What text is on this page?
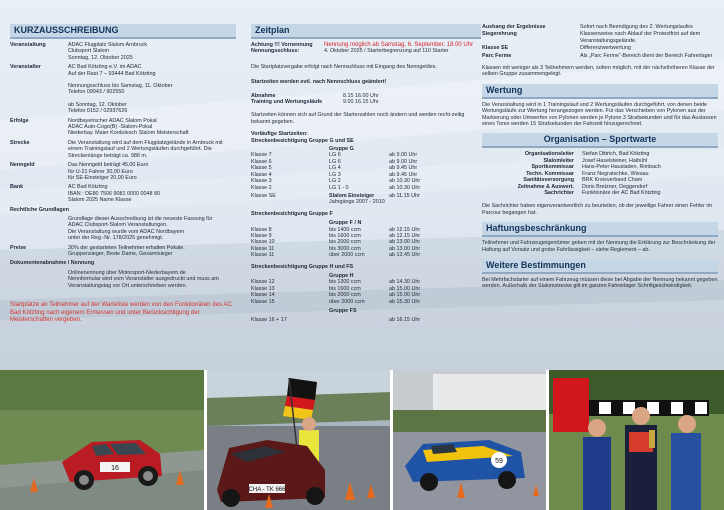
KURZAUSSCHREIBUNG
Veranstaltung	ADAC Flugplatz Slalom Arnbruck
Clubsport Slalom
Sonntag, 12. Oktober 2025
Veranstalter	AC Bad Kötzting e.V. im ADAC
Auf der Rast 7 – 93444 Bad Kötzting
Nennungsschluss bis Samstag, 11. Oktober
Telefon 09943 / 902550
ab Sonntag, 12. Oktober
Telefon 0152 / 02937626
Erfolge	Nordbayerischer ADAC Slalom Pokal
ADAC Auto-Cogo(B) -Slalom-Pokal
Niederbay. Maier Kordulesch Slalom Meisterschaft
Strecke	Die Veranstaltung wird auf dem Flugplatzgelände in Arnbruck mit
einem Trainingslauf und 2 Wertungsläufen durchgeführt. Die
Streckenlänge beträgt ca. 988 m.
Nenngeld	Das Nenngeld beträgt 45,00 Euro
für U-21 Fahrer 30,00 Euro
für SE-Einsteiger 20,00 Euro
Bank	AC Bad Kötzting
IBAN : DE80 7506 9081 0000 0048 80
Slalom 2025 Name Klasse
Rechtliche Grundlagen
Grundlage dieser Ausschreibung ist die neueste Fassung für
ADAC Clubsport-Slalom Veranstaltungen.
Die Veranstaltung wurde vom ADAC Nordbayern
unter der Reg.-Nr. 178/2025 genehmigt.
Preise	30% der gestarteten Teilnehmer erhalten Pokale.
Gruppensieger, Beste Dame, Gesamtsieger
Dokumentenabnahme / Nennung
Onlinenennung über Motorsport-Niederbayern.de
Nennformular wird vom Veranstalter ausgedruckt und muss am
Veranstaltungstag vor Ort unterschrieben werden.
Startplätze an Teilnehmer auf der Warteliste werden von den Funktionären des AC Bad Kötzting nach eigenem Ermessen und unter Berücksichtigung der Meisterschaften vergeben.
Zeitplan
Achtung !!! Vornennung	Nennung möglich ab Samstag, 6. September, 18.00 Uhr
Nennungsschluss:	4. Oktober 2025 / Starterbegrenzung auf 110 Starter
Die Startplatzvergabe erfolgt nach Nennschluss mit Eingang des Nenngeldes.
Startzeiten werden evtl. nach Nennschluss geändert!
Abnahme	8.15 16.00 Uhr
Training und Wertungsläufe	9.00 16.15 Uhr
Startzeiten können sich auf Grund der Starterzahlen noch ändern und werden recht-zeitig bekannt gegeben.
Vorläufige Startzeiten:
Streckenbesichtigung Gruppe G und SE
Gruppe G
Klasse 7	LG 6	ab 9.00 Uhr
Klasse 6	LG 6	ab 9.00 Uhr
Klasse 5	LG 4	ab 9.45 Uhr
Klasse 4	LG 3	ab 9.45 Uhr
Klasse 3	LG 2	ab 10.30 Uhr
Klasse 2	LG 1 - 0	ab 10.30 Uhr
Klasse SE	Slalom Einsteiger	ab 11.15 Uhr
Jahrgänge 2007 - 2010
Streckenbesichtigung Gruppe F
Gruppe F / N
Klasse 8	bis 1400 ccm	ab 12.15 Uhr
Klasse 9	bis 1600 ccm	ab 12.15 Uhr
Klasse 10	bis 2000 ccm	ab 13.00 Uhr
Klasse 11	bis 3000 ccm	ab 13.00 Uhr
Klasse 11	über 2000 ccm	ab 13.45 Uhr
Streckenbesichtigung Gruppe H und FS
Gruppe H
Klasse 12	bis 1300 ccm	ab 14.30 Uhr
Klasse 13	bis 1600 ccm	ab 15.00 Uhr
Klasse 14	bis 2000 ccm	ab 15.00 Uhr
Klasse 15	über 2000 ccm	ab 15.30 Uhr
Gruppe FS
Klasse 16 + 17	ab 16.15 Uhr
Aushang der Ergebnisse	Sofort nach Beendigung des 2. Wertungslaufes
Siegerehrung	Klassenweise nach Ablauf der Protestfrist auf dem Veranstaltungsgelände.
Klasse SE	Differenzwertwertung
Parc Ferme	Als „Parc Ferme“-Bereich dient der Bereich Fahrerlager
Klassen mit weniger als 3 Teilnehmern werden, sofern möglich, mit der nächsthöheren Klasse der selben Gruppe zusammengelegt.
Wertung
Die Veranstaltung wird in 1 Trainingslauf und 2 Wertungsläufen durchgeführt, von denen beide Wertungsläufe zur Wertung herangezogen werden. Für das Verschieben von Pylonen aus der Markierung oder Umwerfen von Pylonen werden je Pylone 3 Strafsekunden und für das Auslassen eines Tores werden 15 Strafsekunden der Fahrzeit hinzugerechnet.
Organisation – Sportwarte
Organisationsleiter	Stefan Dittrich, Bad Kötzting
Slalomleiter	Josef Haselsteiner, Haibühl
Sportkommissar	Hans-Peter Hausladen, Rimbach
Techn. Kommissar	Franz Negratschke, Wiesau
Sanitätsversorgung	BRK Kreisverband Cham
Zeitnahme & Auswert.	Doris Bretzner, Deggendorf
Sachrichter	Funktionäre der AC Bad Kötzting
Die Sachrichter haben eigenverantwortlich zu beurteilen, ob der jeweilige Fahrer einen Fehler im Parcour begangen hat.
Haftungsbeschränkung
Teilnehmer und Fahrzeugeigentümer geben mit der Nennung die Erklärung zur Beschränkung der Haftung auf Vorsatz und grobe Fahrlässigkeit – siehe Reglement – ab.
Weitere Bestimmungen
Bei Mehrfachstarter auf einem Fahrzeug müssen diese bei Abgabe der Nennung bekannt gegeben werden. Außerhalb der Slalomstrecke gilt im ganzen Fahrerlager Schrittgeschwindigkeit.
16
CHA - TK 666
59
